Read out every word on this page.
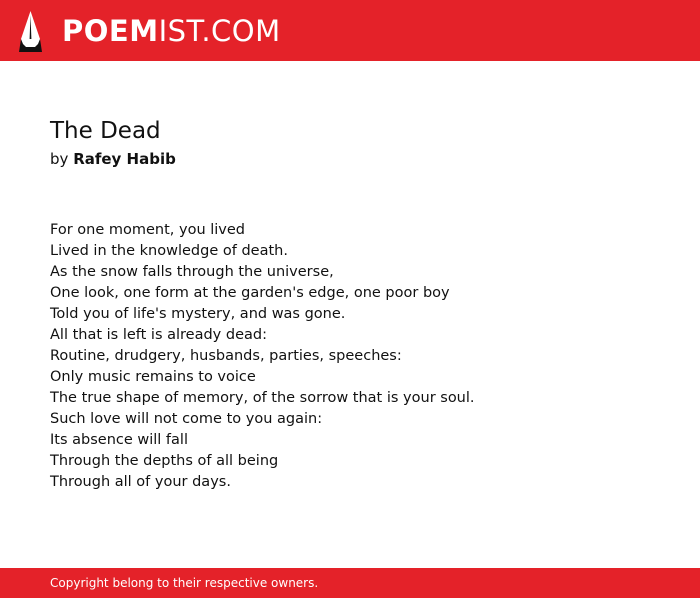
POEMIST.COM
The Dead
by Rafey Habib
For one moment, you lived
Lived in the knowledge of death.
As the snow falls through the universe,
One look, one form at the garden's edge, one poor boy
Told you of life's mystery, and was gone.
All that is left is already dead:
Routine, drudgery, husbands, parties, speeches:
Only music remains to voice
The true shape of memory, of the sorrow that is your soul.
Such love will not come to you again:
Its absence will fall
Through the depths of all being
Through all of your days.
Copyright belong to their respective owners.
